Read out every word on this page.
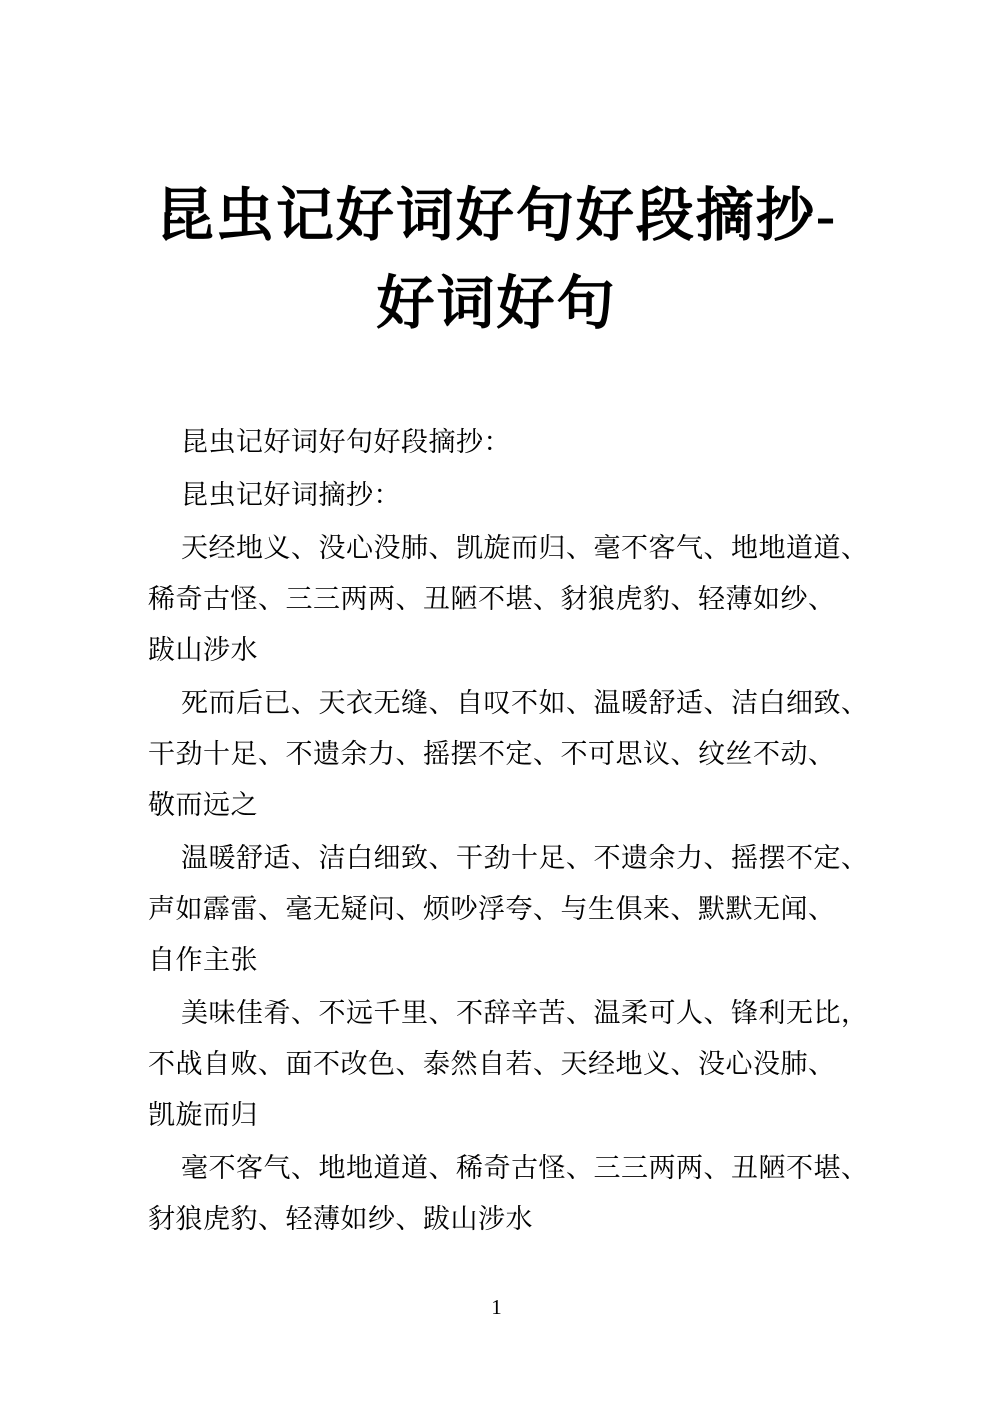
昆虫记好词好句好段摘抄-
好词好句
昆虫记好词好句好段摘抄：
昆虫记好词摘抄：
天经地义、没心没肺、凯旋而归、毫不客气、地地道道、
稀奇古怪、三三两两、丑陋不堪、豺狼虎豹、轻薄如纱、
跋山涉水
死而后已、天衣无缝、自叹不如、温暖舒适、洁白细致、
干劲十足、不遗余力、摇摆不定、不可思议、纹丝不动、
敬而远之
温暖舒适、洁白细致、干劲十足、不遗余力、摇摆不定、
声如霹雷、毫无疑问、烦吵浮夸、与生俱来、默默无闻、
自作主张
美味佳肴、不远千里、不辞辛苦、温柔可人、锋利无比，
不战自败、面不改色、泰然自若、天经地义、没心没肺、
凯旋而归
毫不客气、地地道道、稀奇古怪、三三两两、丑陋不堪、
豺狼虎豹、轻薄如纱、跋山涉水
1
